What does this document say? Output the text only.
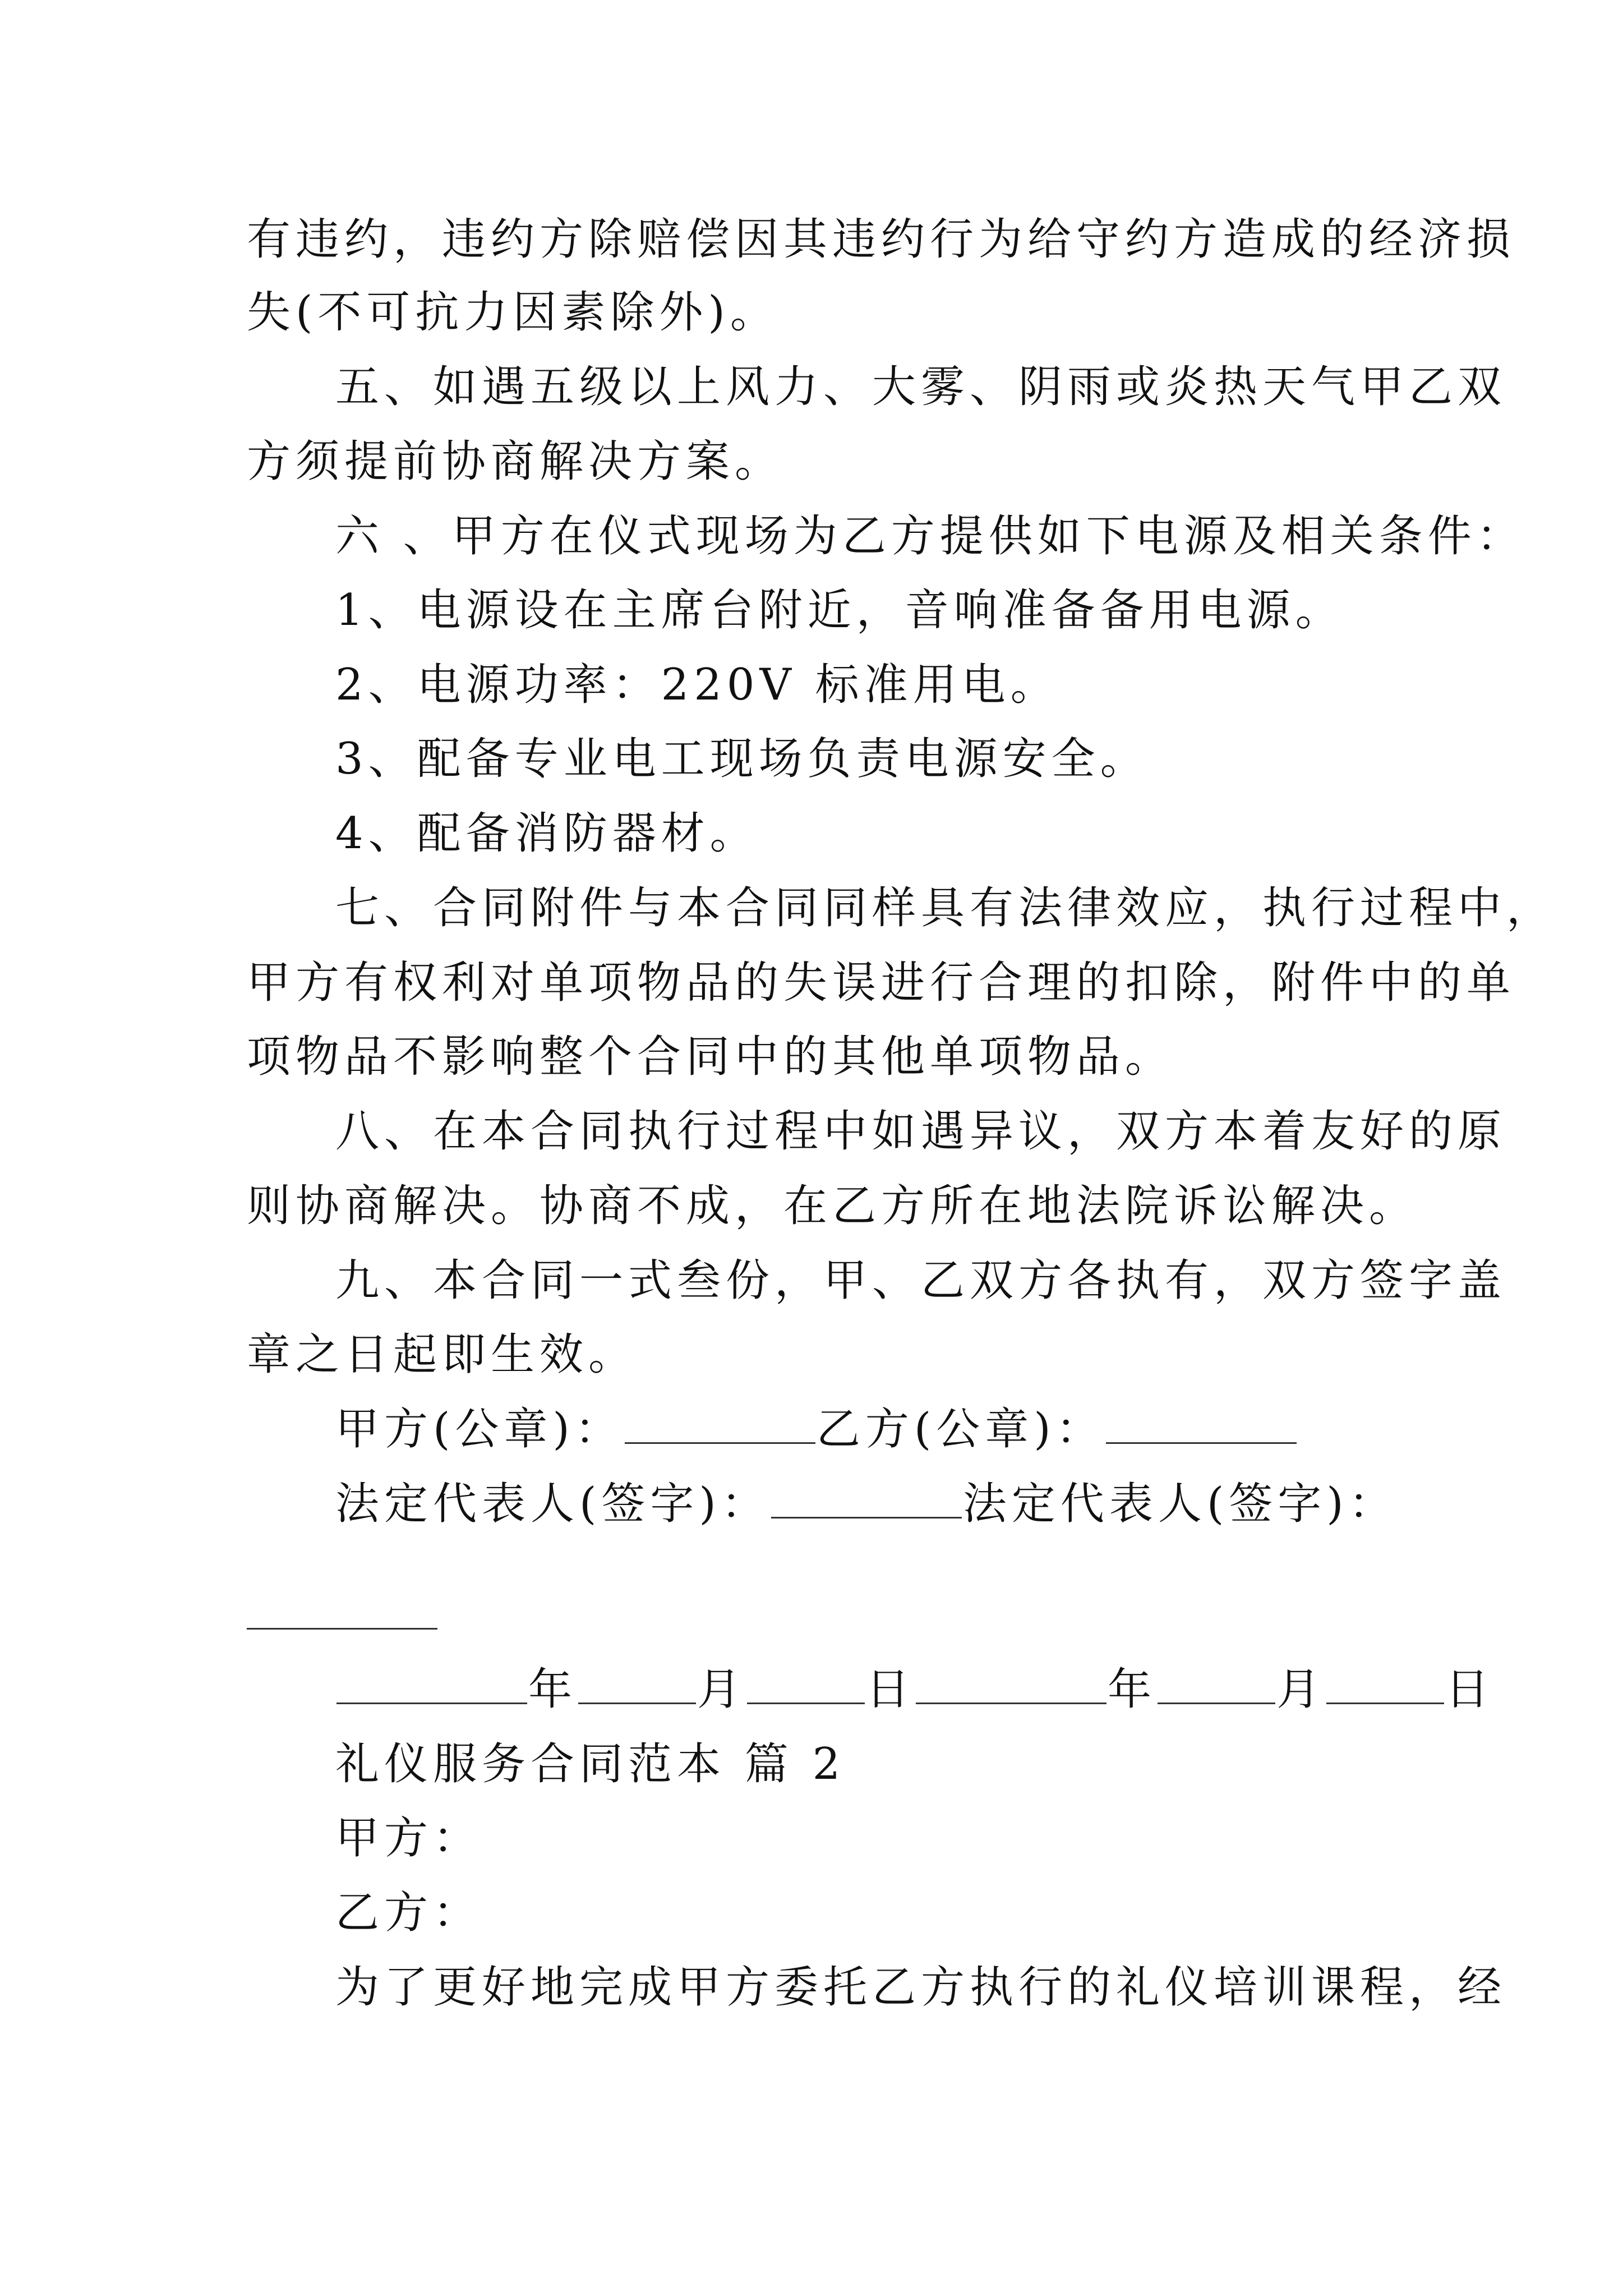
有违约，违约方除赔偿因其违约行为给守约方造成的经济损
失(不可抗力因素除外)。
五、如遇五级以上风力、大雾、阴雨或炎热天气甲乙双
方须提前协商解决方案。
六 、甲方在仪式现场为乙方提供如下电源及相关条件：
1、电源设在主席台附近，音响准备备用电源。
2、电源功率：220V 标准用电。
3、配备专业电工现场负责电源安全。
4、配备消防器材。
七、合同附件与本合同同样具有法律效应，执行过程中，
甲方有权利对单项物品的失误进行合理的扣除，附件中的单
项物品不影响整个合同中的其他单项物品。
八、在本合同执行过程中如遇异议，双方本着友好的原
则协商解决。协商不成，在乙方所在地法院诉讼解决。
九、本合同一式叁份，甲、乙双方各执有，双方签字盖
章之日起即生效。
甲方(公章)：	乙方(公章)：
法定代表人(签字)：	法定代表人(签字)：
年	月	日	年	月	日
礼仪服务合同范本 篇 2
甲方：
乙方：
为了更好地完成甲方委托乙方执行的礼仪培训课程，经
